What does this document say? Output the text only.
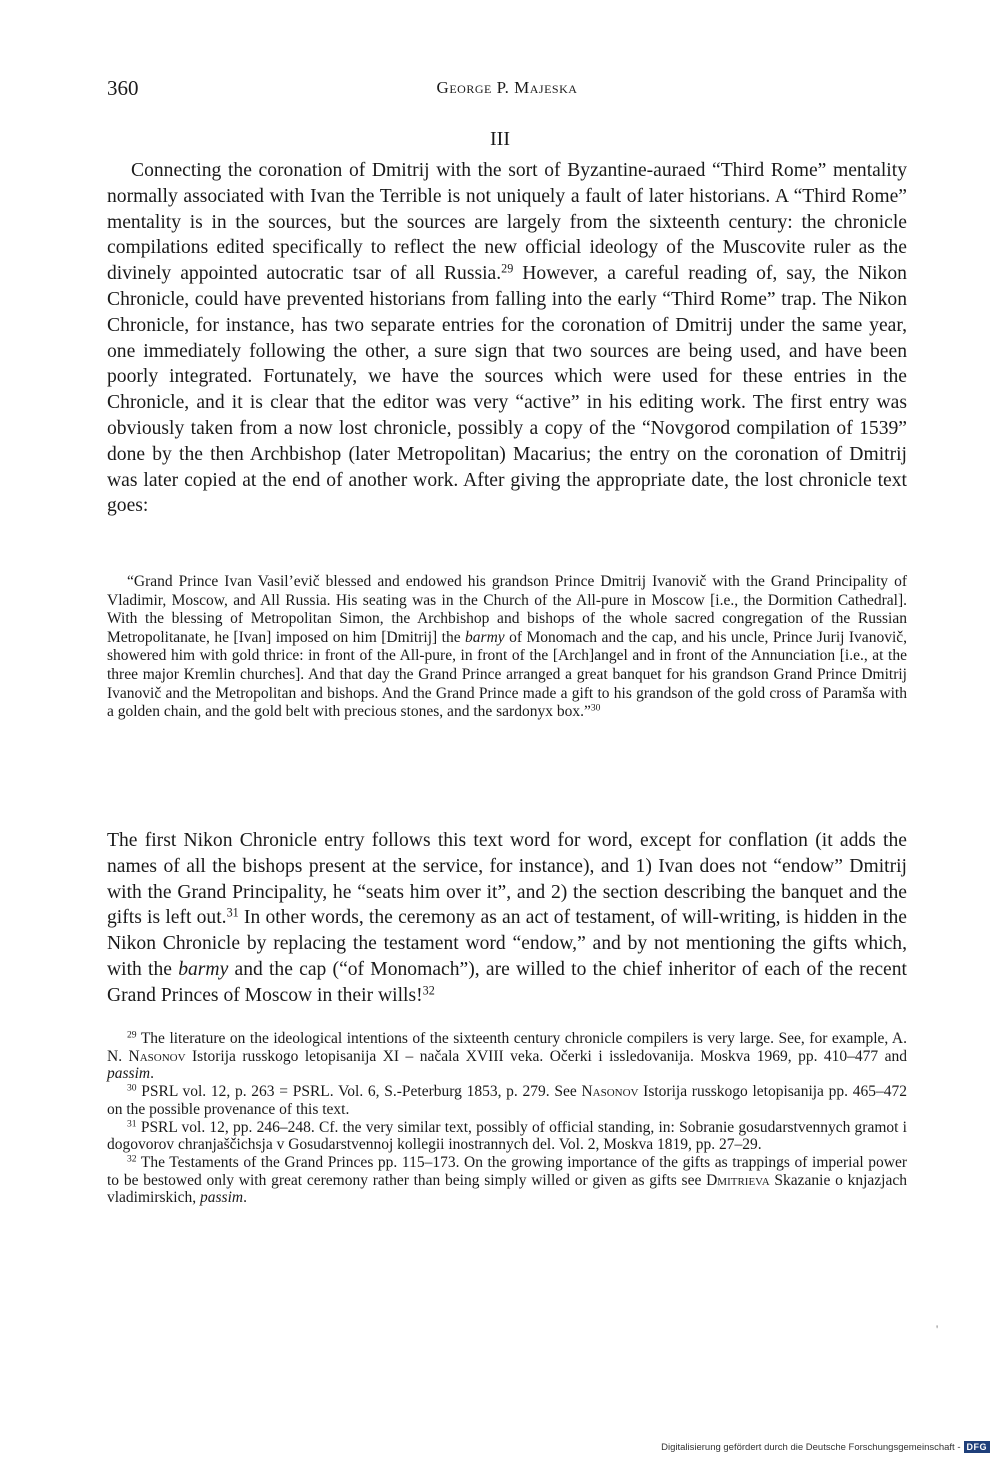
360	George P. Majeska
III

Connecting the coronation of Dmitrij with the sort of Byzantine-auraed “Third Rome” mentality normally associated with Ivan the Terrible is not uniquely a fault of later historians. A “Third Rome” mentality is in the sources, but the sources are largely from the sixteenth century: the chronicle compilations edited specifically to reflect the new official ideology of the Muscovite ruler as the divinely appointed autocratic tsar of all Russia.$^{29}$ However, a careful reading of, say, the Nikon Chronicle, could have prevented historians from falling into the early “Third Rome” trap. The Nikon Chronicle, for instance, has two separate entries for the coronation of Dmitrij under the same year, one immediately following the other, a sure sign that two sources are being used, and have been poorly integrated. Fortunately, we have the sources which were used for these entries in the Chronicle, and it is clear that the editor was very “active” in his editing work. The first entry was obviously taken from a now lost chronicle, possibly a copy of the “Novgorod compilation of 1539” done by the then Archbishop (later Metropolitan) Macarius; the entry on the coronation of Dmitrij was later copied at the end of another work. After giving the appropriate date, the lost chronicle text goes:

“Grand Prince Ivan Vasil’evič blessed and endowed his grandson Prince Dmitrij Ivanovič with the Grand Principality of Vladimir, Moscow, and All Russia. His seating was in the Church of the All-pure in Moscow [i.e., the Dormition Cathedral]. With the blessing of Metropolitan Simon, the Archbishop and bishops of the whole sacred congregation of the Russian Metropolitanate, he [Ivan] imposed on him [Dmitrij] the barmy of Monomach and the cap, and his uncle, Prince Jurij Ivanovič, showered him with gold thrice: in front of the All-pure, in front of the [Arch]angel and in front of the Annunciation [i.e., at the three major Kremlin churches]. And that day the Grand Prince arranged a great banquet for his grandson Grand Prince Dmitrij Ivanovič and the Metropolitan and bishops. And the Grand Prince made a gift to his grandson of the gold cross of Paramša with a golden chain, and the gold belt with precious stones, and the sardonyx box.”$^{30}$

The first Nikon Chronicle entry follows this text word for word, except for conflation (it adds the names of all the bishops present at the service, for instance), and 1) Ivan does not “endow” Dmitrij with the Grand Principality, he “seats him over it”, and 2) the section describing the banquet and the gifts is left out.$^{31}$ In other words, the ceremony as an act of testament, of will-writing, is hidden in the Nikon Chronicle by replacing the testament word “endow,” and by not mentioning the gifts which, with the barmy and the cap (“of Monomach”), are willed to the chief inheritor of each of the recent Grand Princes of Moscow in their wills!$^{32}$

$^{29}$ The literature on the ideological intentions of the sixteenth century chronicle compilers is very large. See, for example, A. N. Nasonov Istorija russkogo letopisanija XI – načala XVIII veka. Očerki i issledovanija. Moskva 1969, pp. 410–477 and passim.

$^{30}$ PSRL vol. 12, p. 263 = PSRL. Vol. 6, S.-Peterburg 1853, p. 279. See Nasonov Istorija russkogo letopisanija pp. 465–472 on the possible provenance of this text.

$^{31}$ PSRL vol. 12, pp. 246–248. Cf. the very similar text, possibly of official standing, in: Sobranie gosudarstvennych gramot i dogovorov chranjaščichsja v Gosudarstvennoj kollegii inostrannych del. Vol. 2, Moskva 1819, pp. 27–29.

$^{32}$ The Testaments of the Grand Princes pp. 115–173. On the growing importance of the gifts as trappings of imperial power to be bestowed only with great ceremony rather than being simply willed or given as gifts see Dmitrieva Skazanie o knjazjach vladimirskich, passim.

'
Digitalisierung gefördert durch die Deutsche Forschungsgemeinschaft - DFG
